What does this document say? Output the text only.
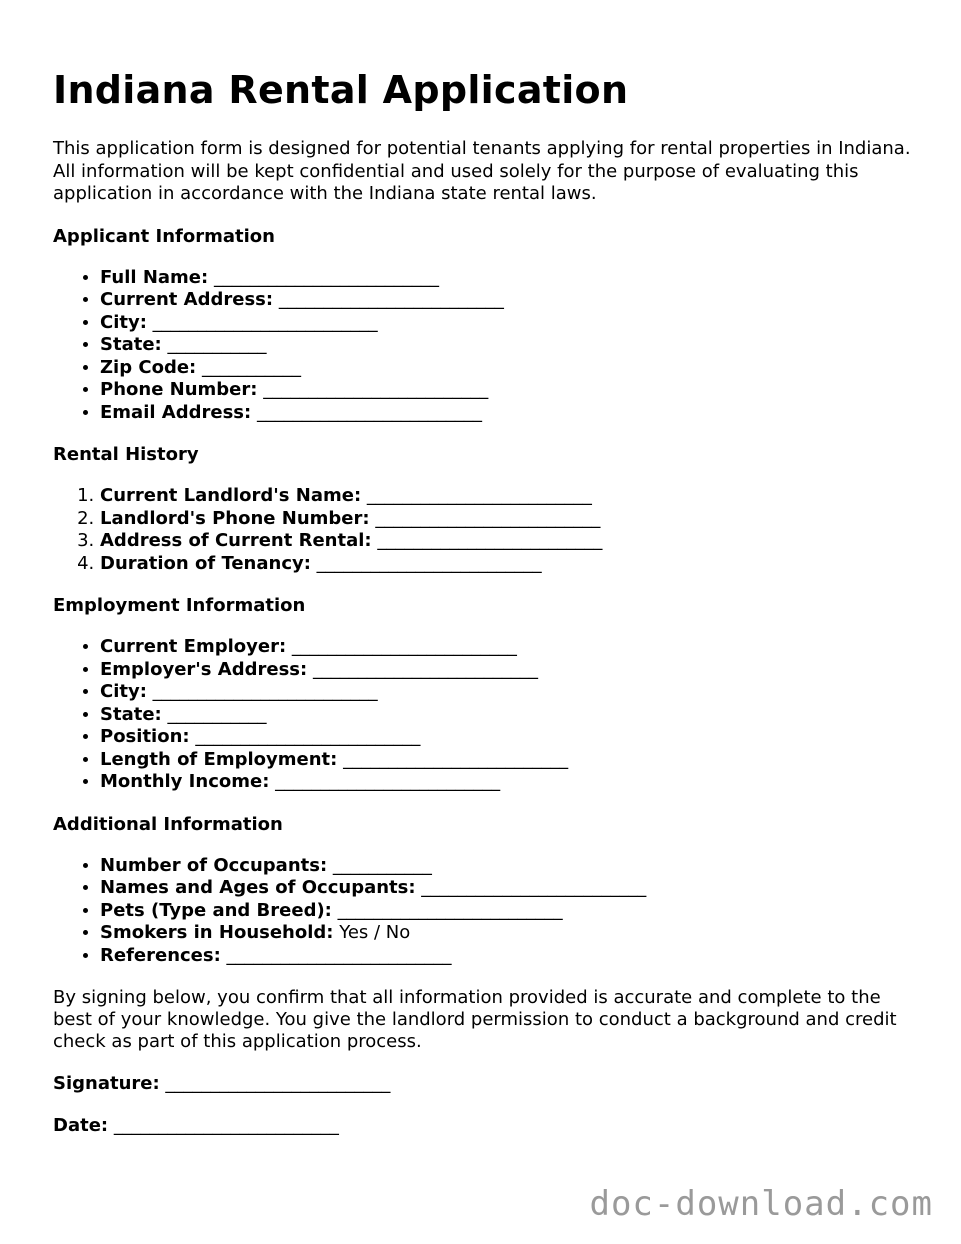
Indiana Rental Application

This application form is designed for potential tenants applying for rental properties in Indiana. All information will be kept confidential and used solely for the purpose of evaluating this application in accordance with the Indiana state rental laws.

Applicant Information
• Full Name: _________________________
• Current Address: _________________________
• City: _________________________
• State: ___________
• Zip Code: ___________
• Phone Number: _________________________
• Email Address: _________________________
Rental History
1. Current Landlord's Name: _________________________
2. Landlord's Phone Number: _________________________
3. Address of Current Rental: _________________________
4. Duration of Tenancy: _________________________
Employment Information
• Current Employer: _________________________
• Employer's Address: _________________________
• City: _________________________
• State: ___________
• Position: _________________________
• Length of Employment: _________________________
• Monthly Income: _________________________
Additional Information
• Number of Occupants: ___________
• Names and Ages of Occupants: _________________________
• Pets (Type and Breed): _________________________
• Smokers in Household: Yes / No
• References: _________________________

By signing below, you confirm that all information provided is accurate and complete to the best of your knowledge. You give the landlord permission to conduct a background and credit check as part of this application process.

Signature: _________________________

Date: _________________________

doc-download.com
